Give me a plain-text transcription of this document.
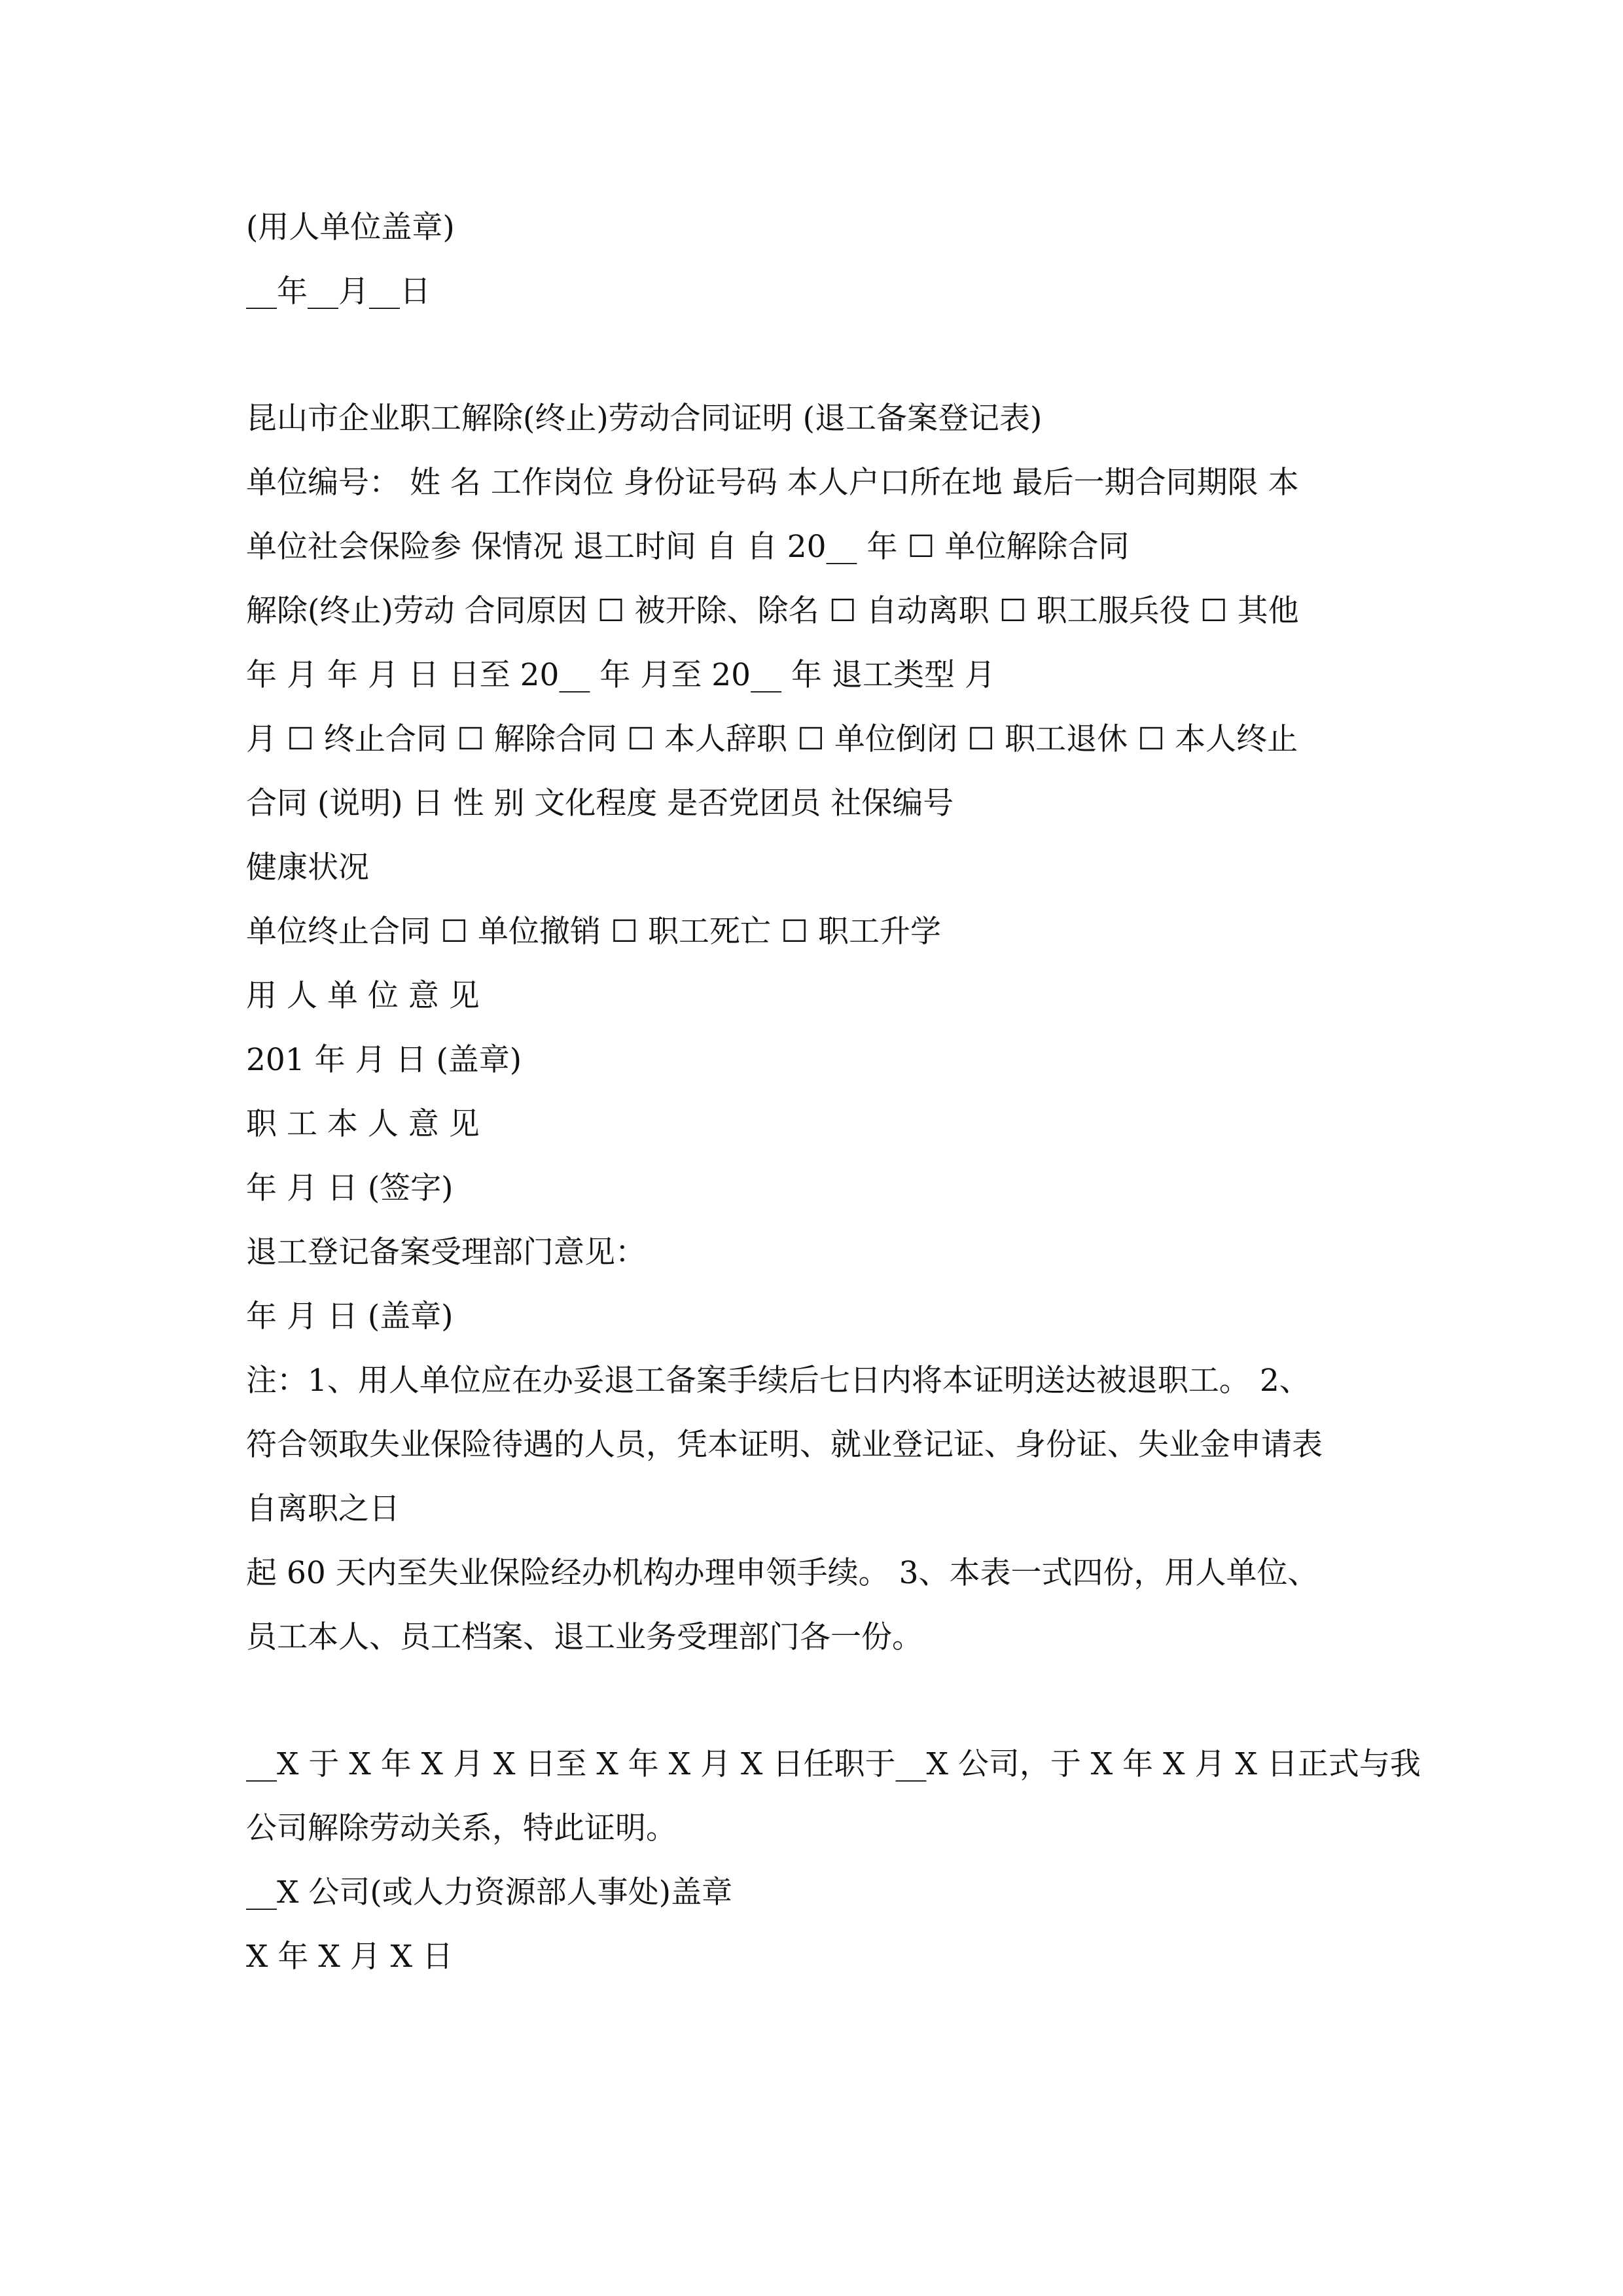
(用人单位盖章)
__年__月__日
昆山市企业职工解除(终止)劳动合同证明 (退工备案登记表)
单位编号： 姓 名 工作岗位 身份证号码 本人户口所在地 最后一期合同期限 本
单位社会保险参 保情况 退工时间 自 自 20__ 年 ☐ 单位解除合同
解除(终止)劳动 合同原因 ☐ 被开除、除名 ☐ 自动离职 ☐ 职工服兵役 ☐ 其他
年 月 年 月 日 日至 20__ 年 月至 20__ 年 退工类型 月
月 ☐ 终止合同 ☐ 解除合同 ☐ 本人辞职 ☐ 单位倒闭 ☐ 职工退休 ☐ 本人终止
合同 (说明) 日 性 别 文化程度 是否党团员 社保编号
健康状况
单位终止合同 ☐ 单位撤销 ☐ 职工死亡 ☐ 职工升学
用 人 单 位 意 见
201 年 月 日 (盖章)
职 工 本 人 意 见
年 月 日 (签字)
退工登记备案受理部门意见：
年 月 日 (盖章)
注：1、用人单位应在办妥退工备案手续后七日内将本证明送达被退职工。 2、
符合领取失业保险待遇的人员，凭本证明、就业登记证、身份证、失业金申请表
自离职之日
起 60 天内至失业保险经办机构办理申领手续。 3、本表一式四份，用人单位、
员工本人、员工档案、退工业务受理部门各一份。
__X 于 X 年 X 月 X 日至 X 年 X 月 X 日任职于__X 公司，于 X 年 X 月 X 日正式与我
公司解除劳动关系，特此证明。
__X 公司(或人力资源部人事处)盖章
X 年 X 月 X 日
